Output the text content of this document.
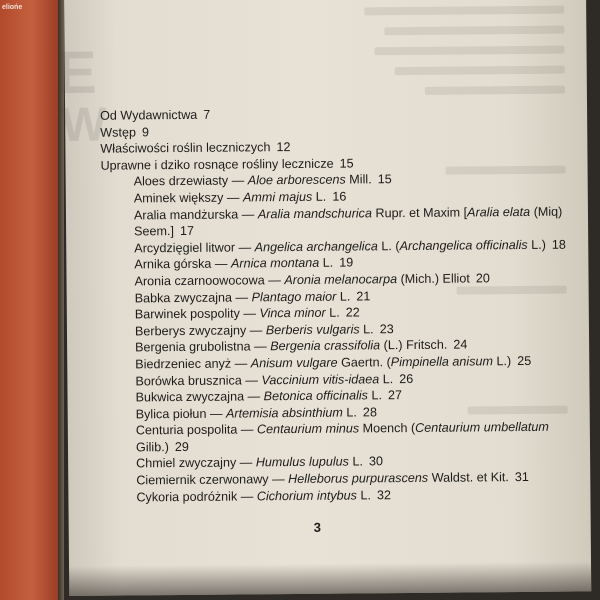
eliońe
E
W
Od Wydawnictwa 7
Wstęp 9
Właściwości roślin leczniczych 12
Uprawne i dziko rosnące rośliny lecznicze 15
Aloes drzewiasty — Aloe arborescens Mill. 15
Aminek większy — Ammi majus L. 16
Aralia mandżurska — Aralia mandschurica Rupr. et Maxim [Aralia elata (Miq) Seem.] 17
Arcydzięgiel litwor — Angelica archangelica L. (Archangelica officinalis L.) 18
Arnika górska — Arnica montana L. 19
Aronia czarnoowocowa — Aronia melanocarpa (Mich.) Elliot 20
Babka zwyczajna — Plantago maior L. 21
Barwinek pospolity — Vinca minor L. 22
Berberys zwyczajny — Berberis vulgaris L. 23
Bergenia grubolistna — Bergenia crassifolia (L.) Fritsch. 24
Biedrzeniec anyż — Anisum vulgare Gaertn. (Pimpinella anisum L.) 25
Borówka brusznica — Vaccinium vitis-idaea L. 26
Bukwica zwyczajna — Betonica officinalis L. 27
Bylica piołun — Artemisia absinthium L. 28
Centuria pospolita — Centaurium minus Moench (Centaurium umbellatum Gilib.) 29
Chmiel zwyczajny — Humulus lupulus L. 30
Ciemiernik czerwonawy — Helleborus purpurascens Waldst. et Kit. 31
Cykoria podróżnik — Cichorium intybus L. 32
3
